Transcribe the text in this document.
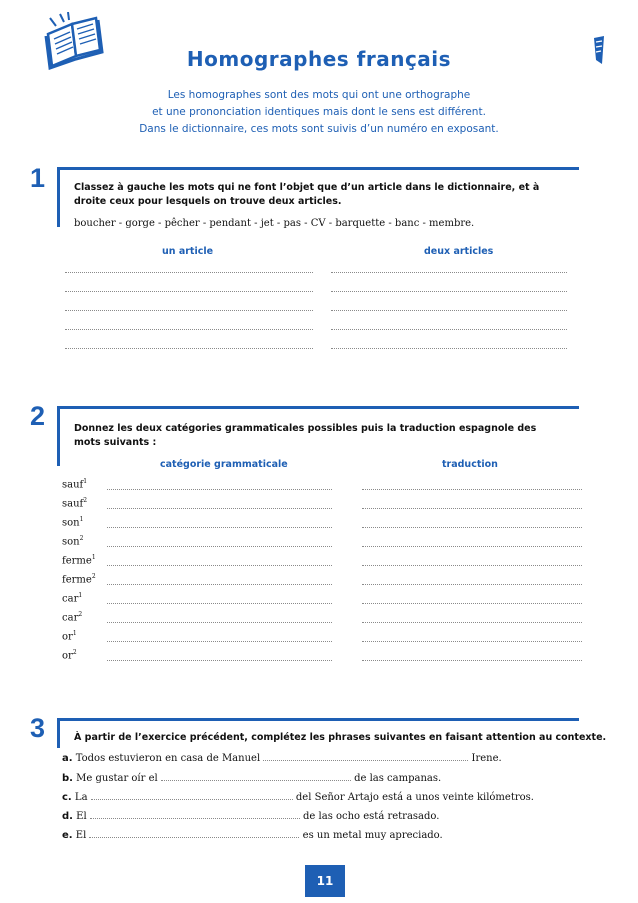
Homographes français
Les homographes sont des mots qui ont une orthographe
et une prononciation identiques mais dont le sens est différent.
Dans le dictionnaire, ces mots sont suivis d’un numéro en exposant.
1	Classez à gauche les mots qui ne font l’objet que d’un article dans le dictionnaire, et à droite ceux pour lesquels on trouve deux articles.
boucher - gorge - pêcher - pendant - jet - pas - CV - barquette - banc - membre.
un article	deux articles
2	Donnez les deux catégories grammaticales possibles puis la traduction espagnole des mots suivants :
catégorie grammaticale	traduction
sauf$^1$
sauf$^2$
son$^1$
son$^2$
ferme$^1$
ferme$^2$
car$^1$
car$^2$
$or^1$
$or^2$
3	À partir de l’exercice précédent, complétez les phrases suivantes en faisant attention au contexte.
a. Todos estuvieron en casa de Manuel	Irene.
b. Me gustar oír el	de las campanas.
c. La	del Señor Artajo está a unos veinte kilómetros.
d. El	de las ocho está retrasado.
e. El	es un metal muy apreciado.
11
